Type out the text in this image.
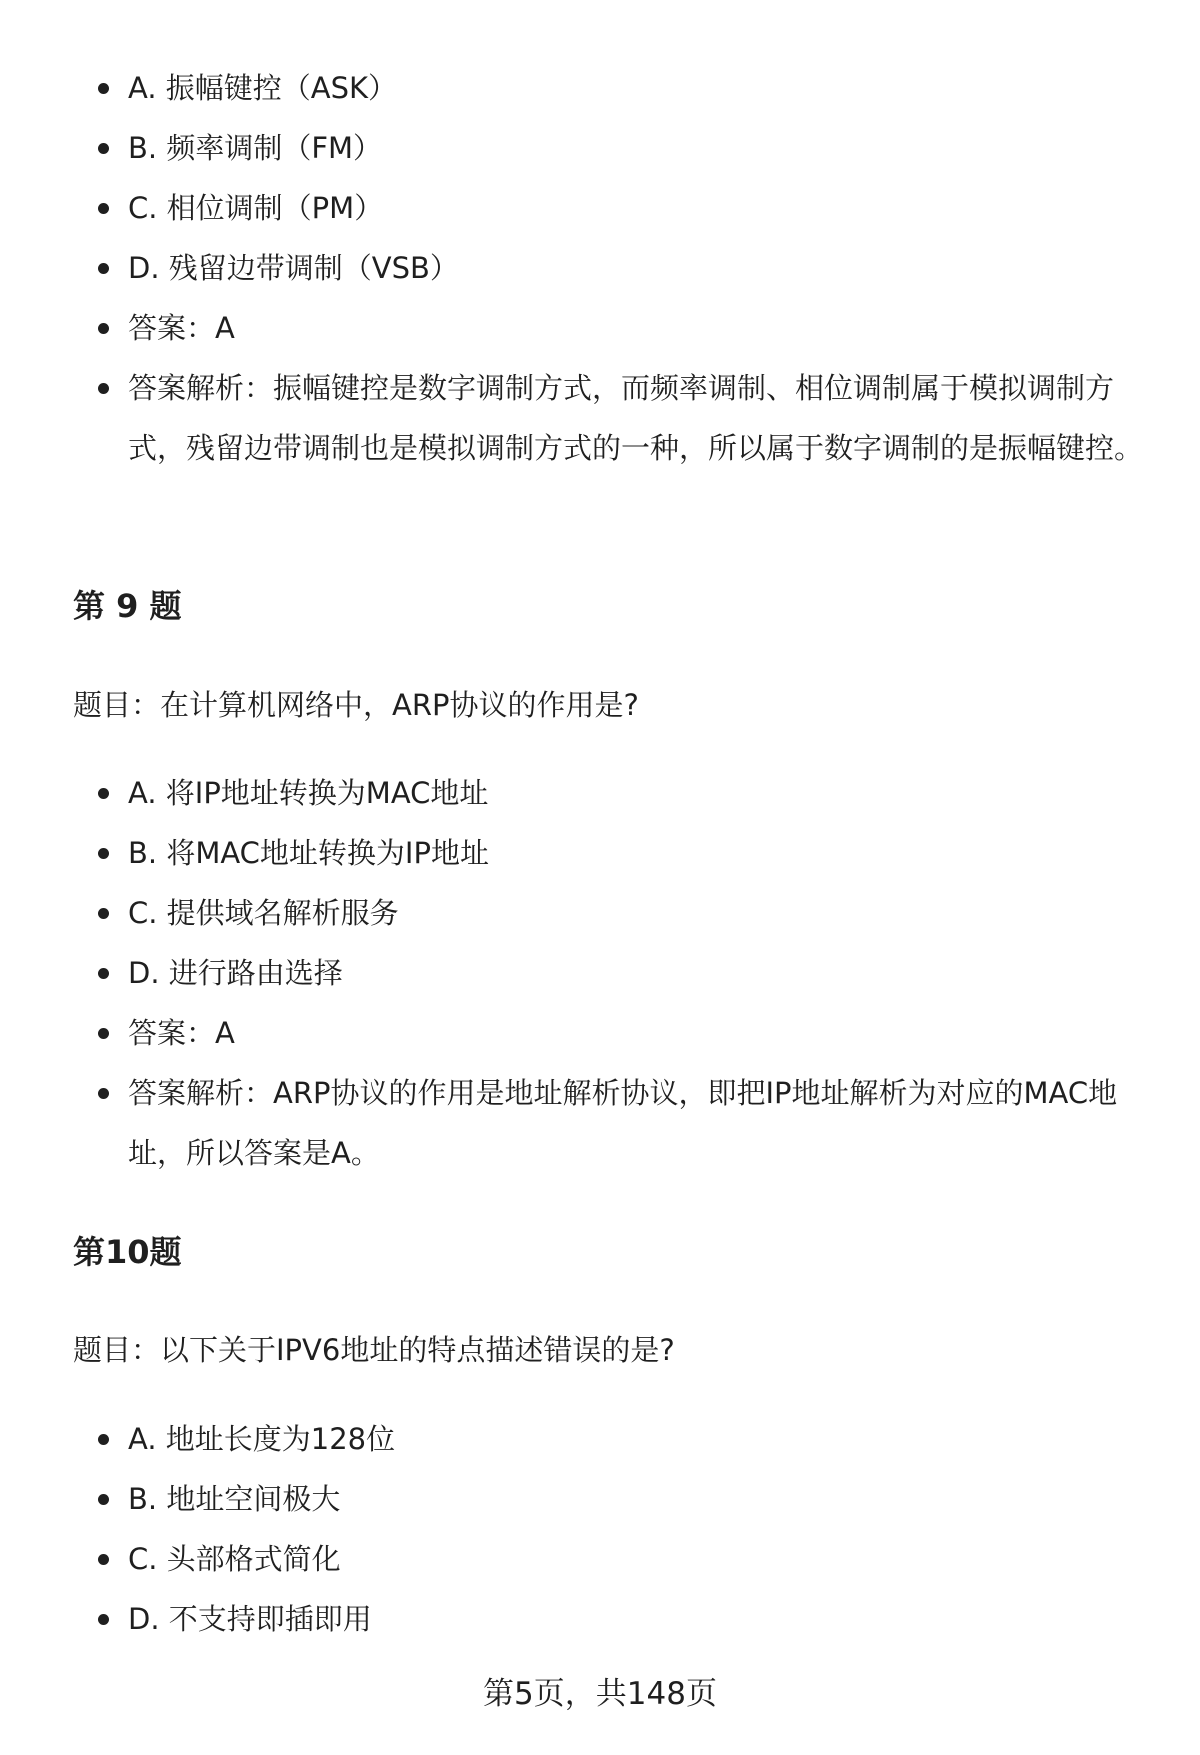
A. 振幅键控（ASK）
B. 频率调制（FM）
C. 相位调制（PM）
D. 残留边带调制（VSB）
答案：A
答案解析：振幅键控是数字调制方式，而频率调制、相位调制属于模拟调制方式，残留边带调制也是模拟调制方式的一种，所以属于数字调制的是振幅键控。
第 9 题

题目：在计算机网络中，ARP协议的作用是?

A. 将IP地址转换为MAC地址
B. 将MAC地址转换为IP地址
C. 提供域名解析服务
D. 进行路由选择
答案：A
答案解析：ARP协议的作用是地址解析协议，即把IP地址解析为对应的MAC地址，所以答案是A。
第10题

题目：以下关于IPV6地址的特点描述错误的是?

A. 地址长度为128位
B. 地址空间极大
C. 头部格式简化
D. 不支持即插即用
第5页，共148页
